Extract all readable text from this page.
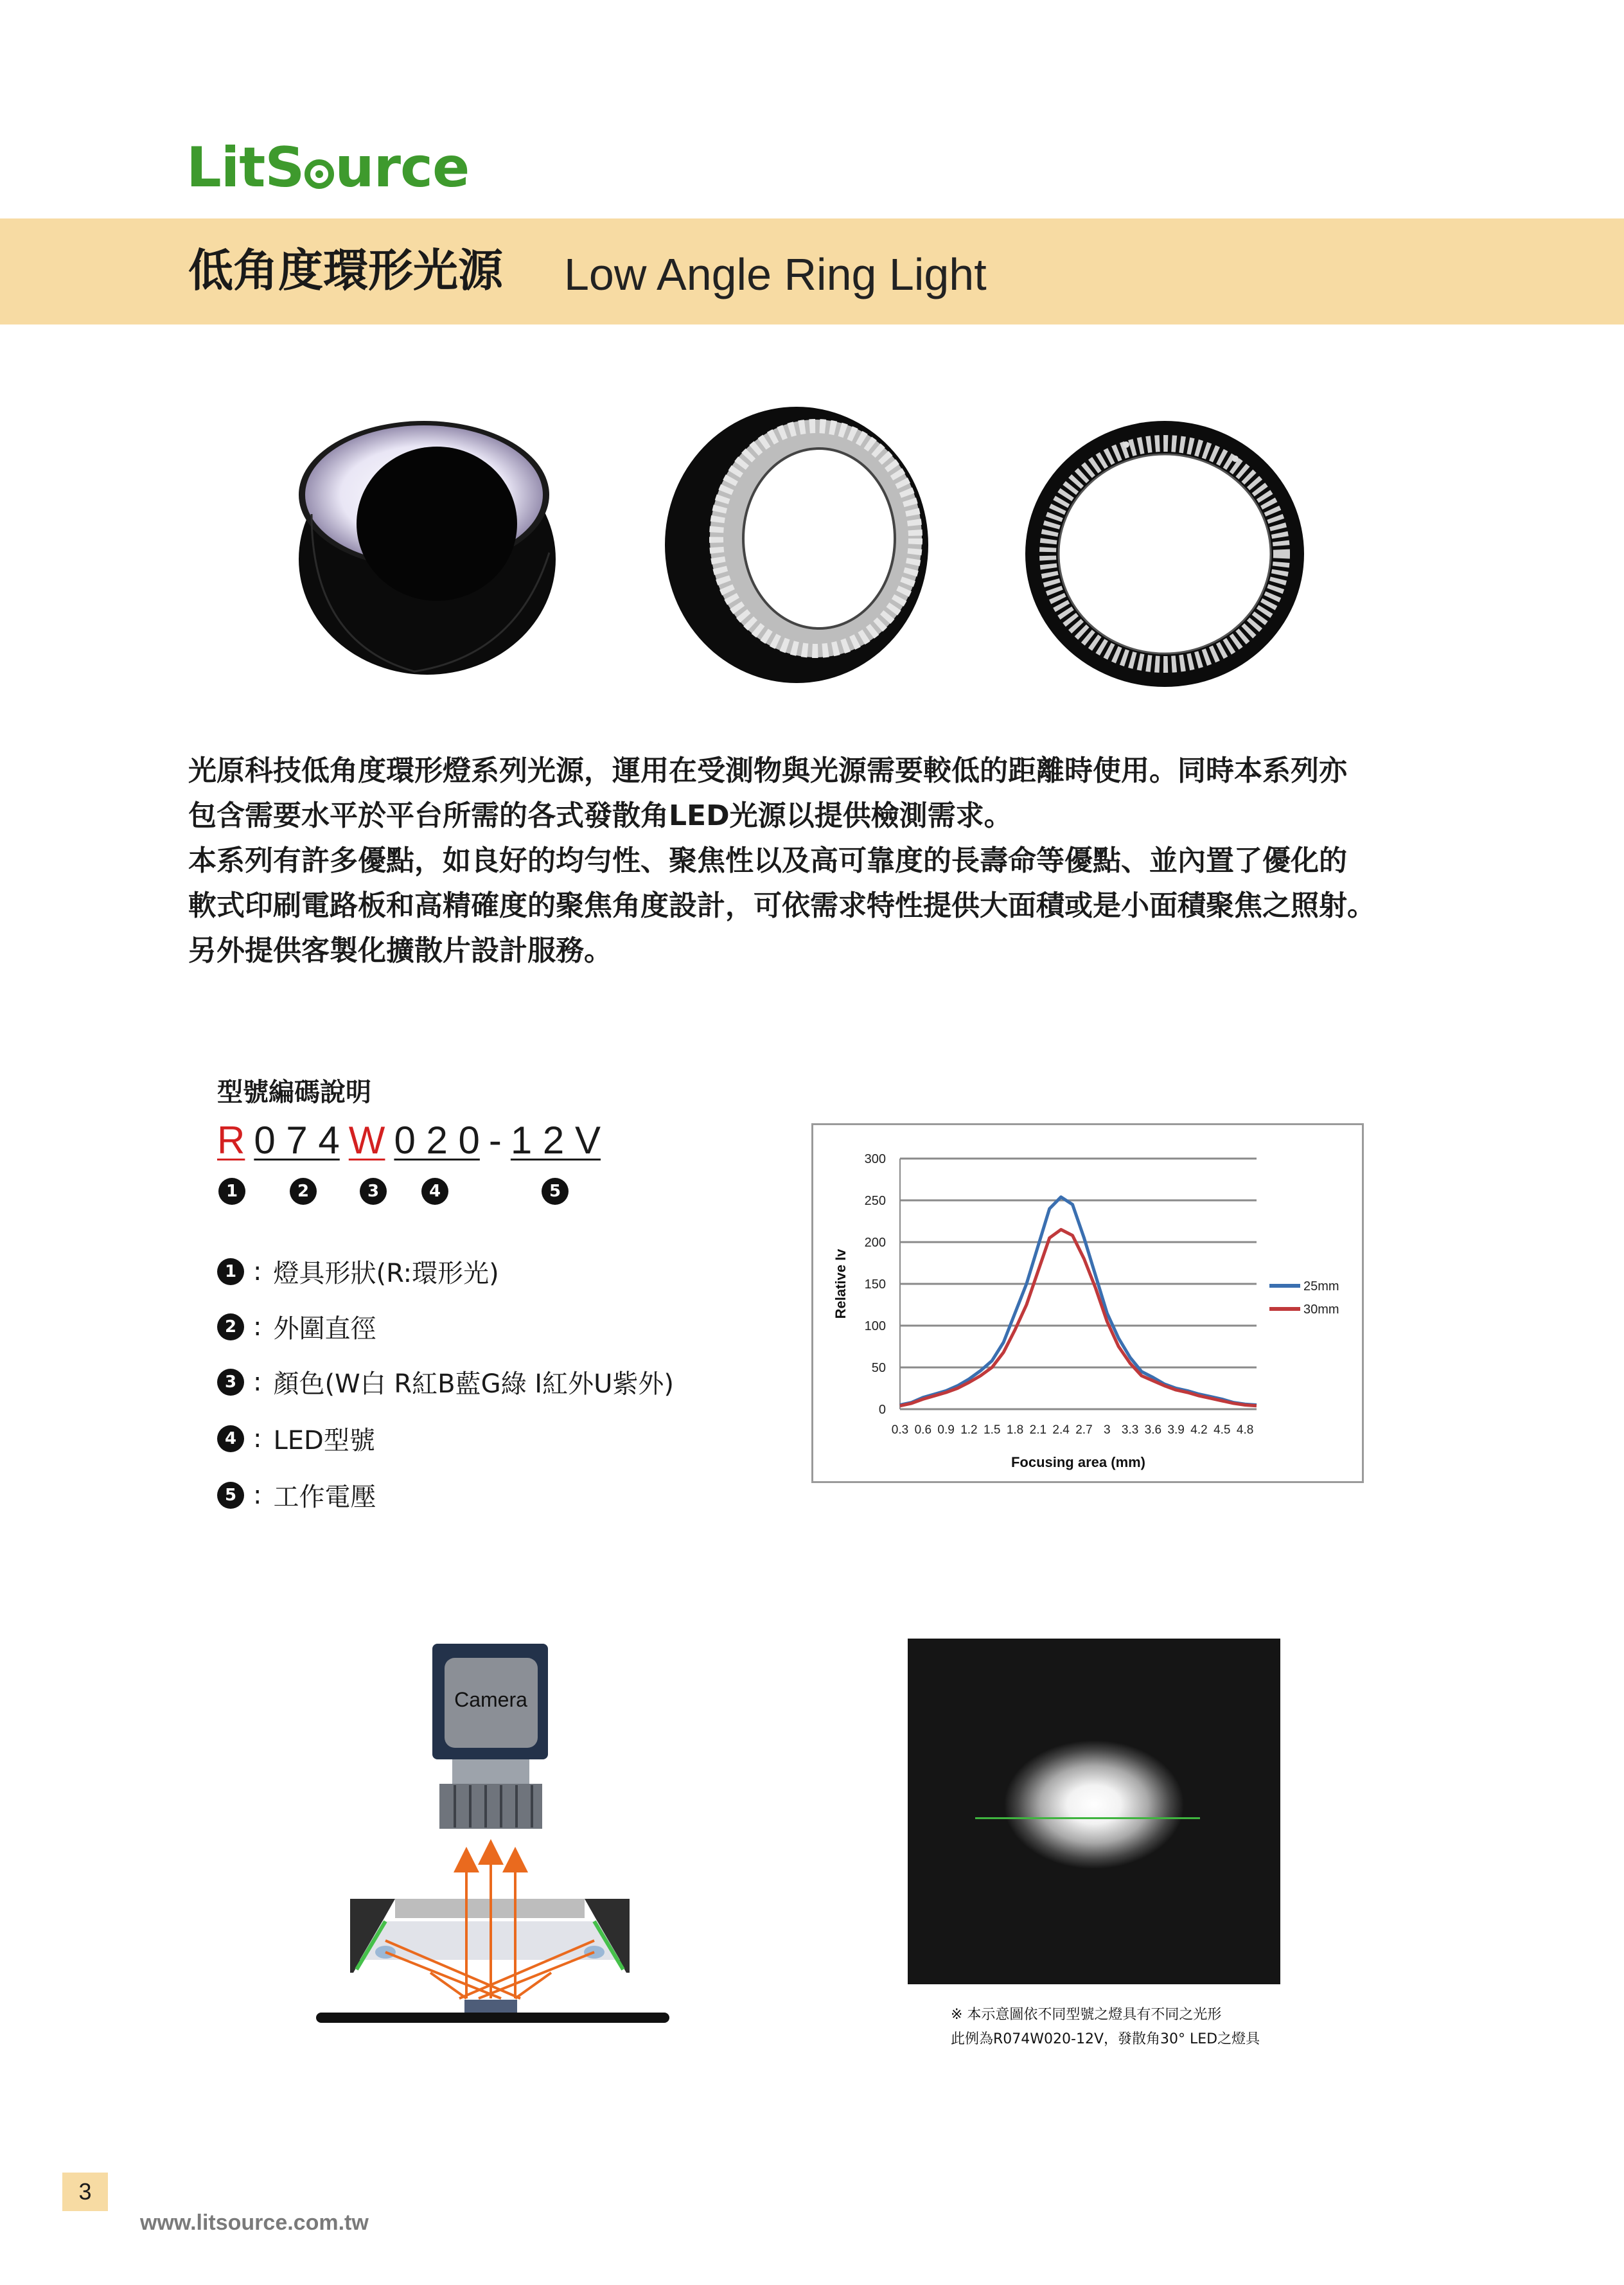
LitS urce
低角度環形光源 Low Angle Ring Light

光原科技低角度環形燈系列光源，運用在受測物與光源需要較低的距離時使用。同時本系列亦

包含需要水平於平台所需的各式發散角LED光源以提供檢測需求。

本系列有許多優點，如良好的均勻性、聚焦性以及高可靠度的長壽命等優點、並內置了優化的

軟式印刷電路板和高精確度的聚焦角度設計，可依需求特性提供大面積或是小面積聚焦之照射。

另外提供客製化擴散片設計服務。

型號編碼說明
R 0 7 4 W 0 2 0 - 1 2 V
1	2	3	4	5
1 : 燈具形狀(R:環形光)
2 : 外圍直徑
3 : 顏色(W白 R紅B藍G綠 I紅外U紫外)
4 : LED型號
5 : 工作電壓
0
50
100
150
200
250
300
0.3 0.6 0.9 1.2 1.5 1.8 2.1 2.4 2.7 3 3.3 3.6 3.9 4.2 4.5 4.8
Focusing area (mm)
Relative Iv	25mm
30mm
Camera

※ 本示意圖依不同型號之燈具有不同之光形

此例為R074W020-12V，發散角30° LED之燈具

3
www.litsource.com.tw
